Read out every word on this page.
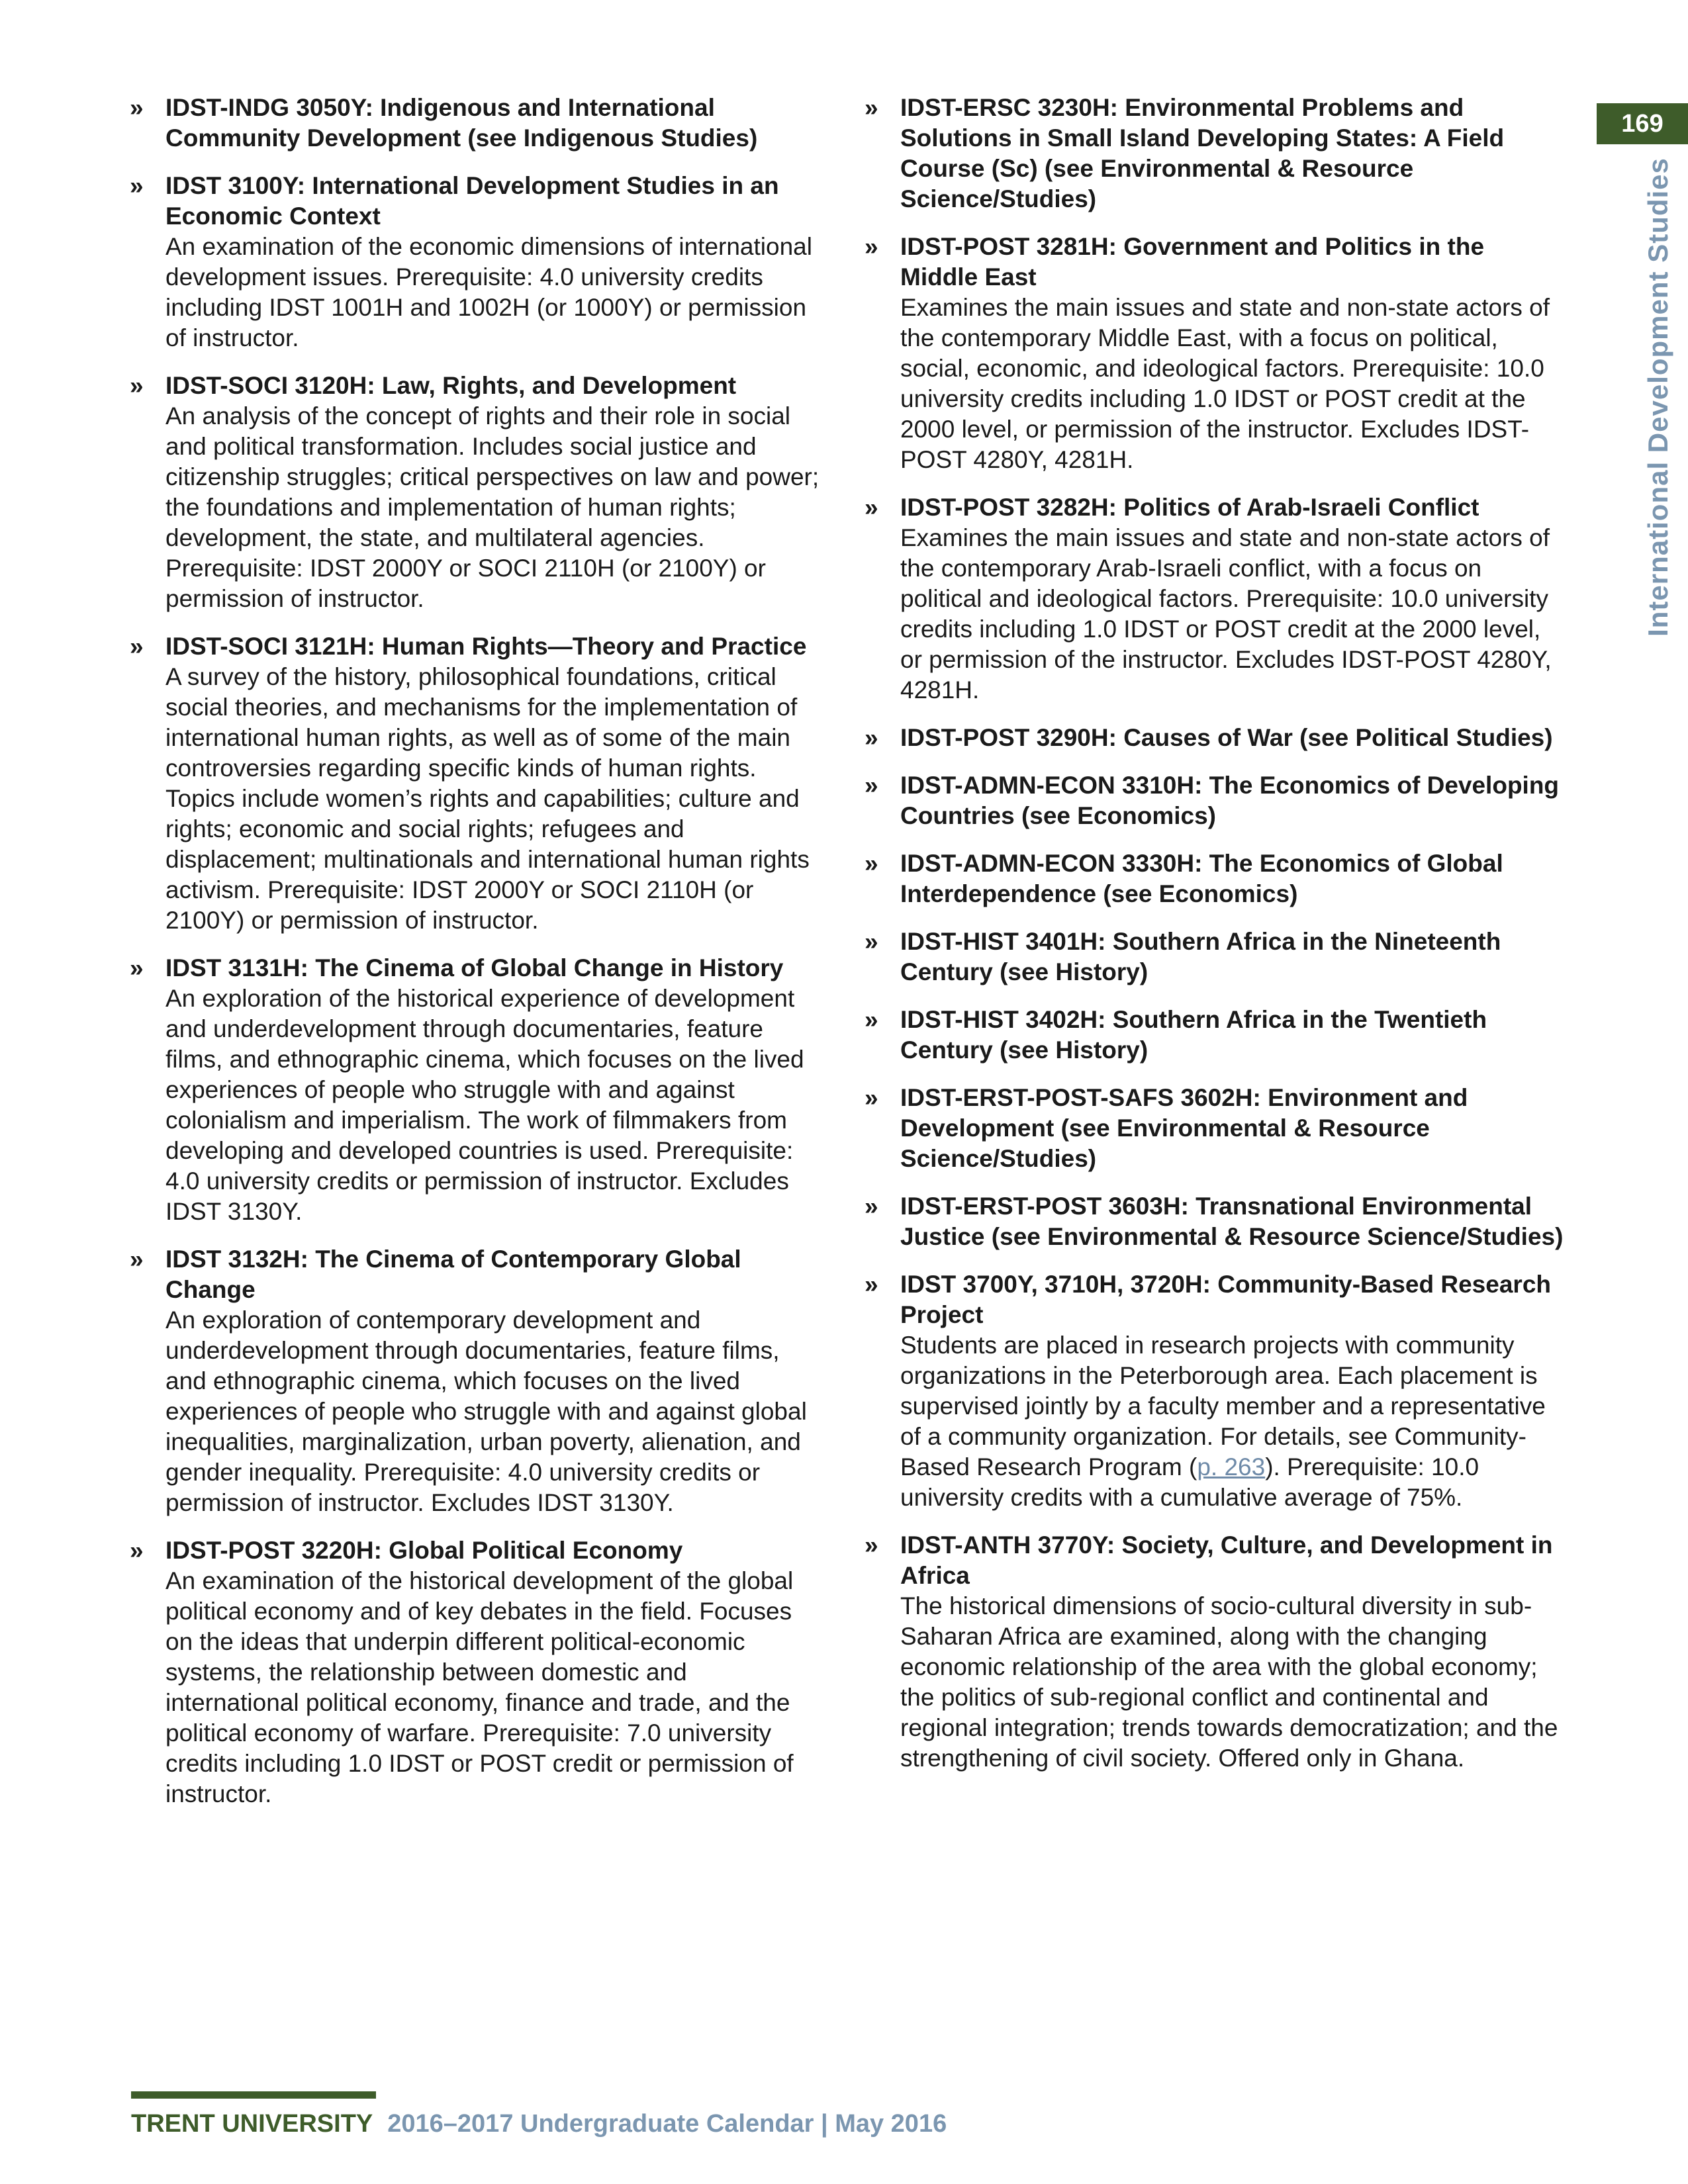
» IDST-INDG 3050Y: Indigenous and International Community Development (see Indigenous Studies)

» IDST 3100Y: International Development Studies in an Economic Context

An examination of the economic dimensions of international development issues. Prerequisite: 4.0 university credits including IDST 1001H and 1002H (or 1000Y) or permission of instructor.

» IDST-SOCI 3120H: Law, Rights, and Development

An analysis of the concept of rights and their role in social and political transformation. Includes social justice and citizenship struggles; critical perspectives on law and power; the foundations and implementation of human rights; development, the state, and multilateral agencies. Prerequisite: IDST 2000Y or SOCI 2110H (or 2100Y) or permission of instructor.

» IDST-SOCI 3121H: Human Rights—Theory and Practice

A survey of the history, philosophical foundations, critical social theories, and mechanisms for the implementation of international human rights, as well as of some of the main controversies regarding specific kinds of human rights. Topics include women’s rights and capabilities; culture and rights; economic and social rights; refugees and displacement; multinationals and international human rights activism. Prerequisite: IDST 2000Y or SOCI 2110H (or 2100Y) or permission of instructor.

» IDST 3131H: The Cinema of Global Change in History

An exploration of the historical experience of development and underdevelopment through documentaries, feature films, and ethnographic cinema, which focuses on the lived experiences of people who struggle with and against colonialism and imperialism. The work of filmmakers from developing and developed countries is used. Prerequisite: 4.0 university credits or permission of instructor. Excludes IDST 3130Y.

» IDST 3132H: The Cinema of Contemporary Global Change

An exploration of contemporary development and underdevelopment through documentaries, feature films, and ethnographic cinema, which focuses on the lived experiences of people who struggle with and against global inequalities, marginalization, urban poverty, alienation, and gender inequality. Prerequisite: 4.0 university credits or permission of instructor. Excludes IDST 3130Y.

» IDST-POST 3220H: Global Political Economy

An examination of the historical development of the global political economy and of key debates in the field. Focuses on the ideas that underpin different political-economic systems, the relationship between domestic and international political economy, finance and trade, and the political economy of warfare. Prerequisite: 7.0 university credits including 1.0 IDST or POST credit or permission of instructor.

» IDST-ERSC 3230H: Environmental Problems and Solutions in Small Island Developing States: A Field Course (Sc) (see Environmental & Resource Science/Studies)

» IDST-POST 3281H: Government and Politics in the Middle East

Examines the main issues and state and non-state actors of the contemporary Middle East, with a focus on political, social, economic, and ideological factors. Prerequisite: 10.0 university credits including 1.0 IDST or POST credit at the 2000 level, or permission of the instructor. Excludes IDST-POST 4280Y, 4281H.

» IDST-POST 3282H: Politics of Arab-Israeli Conflict

Examines the main issues and state and non-state actors of the contemporary Arab-Israeli conflict, with a focus on political and ideological factors. Prerequisite: 10.0 university credits including 1.0 IDST or POST credit at the 2000 level, or permission of the instructor. Excludes IDST-POST 4280Y, 4281H.

» IDST-POST 3290H: Causes of War (see Political Studies)

» IDST-ADMN-ECON 3310H: The Economics of Developing Countries (see Economics)

» IDST-ADMN-ECON 3330H: The Economics of Global Interdependence (see Economics)

» IDST-HIST 3401H: Southern Africa in the Nineteenth Century (see History)

» IDST-HIST 3402H: Southern Africa in the Twentieth Century (see History)

» IDST-ERST-POST-SAFS 3602H: Environment and Development (see Environmental & Resource Science/Studies)

» IDST-ERST-POST 3603H: Transnational Environmental Justice (see Environmental & Resource Science/Studies)

» IDST 3700Y, 3710H, 3720H: Community-Based Research Project

Students are placed in research projects with community organizations in the Peterborough area. Each placement is supervised jointly by a faculty member and a representative of a community organization. For details, see Community-Based Research Program (p. 263). Prerequisite: 10.0 university credits with a cumulative average of 75%.

» IDST-ANTH 3770Y: Society, Culture, and Development in Africa

The historical dimensions of socio-cultural diversity in sub-Saharan Africa are examined, along with the changing economic relationship of the area with the global economy; the politics of sub-regional conflict and continental and regional integration; trends towards democratization; and the strengthening of civil society. Offered only in Ghana.

169
International Development Studies
TRENT UNIVERSITY 2016–2017 Undergraduate Calendar | May 2016
